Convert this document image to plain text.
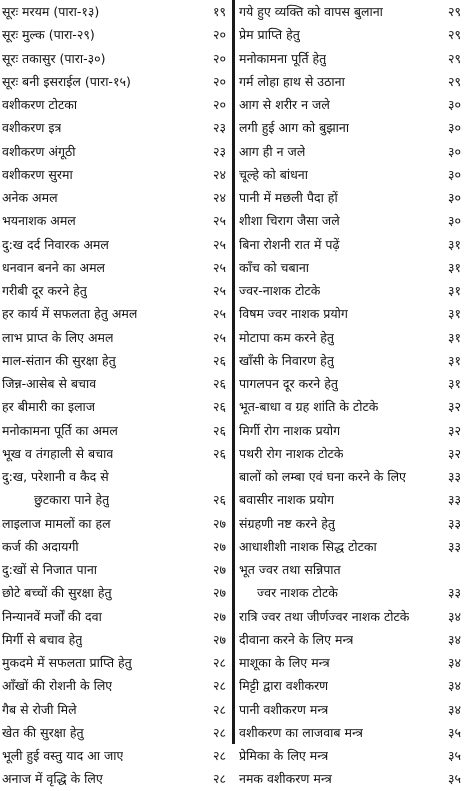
सूरः मरयम (पारा-१३)	१९
सूरः मुल्क (पारा-२९)	२०
सूरः तकासुर (पारा-३०)	२०
सूरः बनी इसराईल (पारा-१५)	२०
वशीकरण टोटका	२०
वशीकरण इत्र	२३
वशीकरण अंगूठी	२३
वशीकरण सुरमा	२४
अनेक अमल	२४
भयनाशक अमल	२५
दु:ख दर्द निवारक अमल	२५
धनवान बनने का अमल	२५
गरीबी दूर करने हेतु	२५
हर कार्य में सफलता हेतु अमल	२५
लाभ प्राप्त के लिए अमल	२५
माल-संतान की सुरक्षा हेतु	२६
जिन्न-आसेब से बचाव	२६
हर बीमारी का इलाज	२६
मनोकामना पूर्ति का अमल	२६
भूख व तंगहाली से बचाव	२६
दु:ख, परेशानी व कैद से
छुटकारा पाने हेतु	२६
लाइलाज मामलों का हल	२७
कर्ज की अदायगी	२७
दु:खों से निजात पाना	२७
छोटे बच्चों की सुरक्षा हेतु	२७
निन्यानवें मर्जों की दवा	२७
मिर्गी से बचाव हेतु	२७
मुकदमे में सफलता प्राप्ति हेतु	२८
आँखों की रोशनी के लिए	२८
गैब से रोजी मिले	२८
खेत की सुरक्षा हेतु	२८
भूली हुई वस्तु याद आ जाए	२८
अनाज में वृद्धि के लिए	२८
गये हुए व्यक्ति को वापस बुलाना	२९
प्रेम प्राप्ति हेतु	२९
मनोकामना पूर्ति हेतु	२९
गर्म लोहा हाथ से उठाना	२९
आग से शरीर न जले	३०
लगी हुई आग को बुझाना	३०
आग ही न जले	३०
चूल्हे को बांधना	३०
पानी में मछली पैदा हों	३०
शीशा चिराग जैसा जले	३०
बिना रोशनी रात में पढ़ें	३१
काँच को चबाना	३१
ज्वर-नाशक टोटके	३१
विषम ज्वर नाशक प्रयोग	३१
मोटापा कम करने हेतु	३१
खाँसी के निवारण हेतु	३१
पागलपन दूर करने हेतु	३१
भूत-बाधा व ग्रह शांति के टोटके	३२
मिर्गी रोग नाशक प्रयोग	३२
पथरी रोग नाशक टोटके	३२
बालों को लम्बा एवं घना करने के लिए	३३
बवासीर नाशक प्रयोग	३३
संग्रहणी नष्ट करने हेतु	३३
आधाशीशी नाशक सिद्ध टोटका	३३
भूत ज्वर तथा सन्निपात
ज्वर नाशक टोटके	३३
रात्रि ज्वर तथा जीर्णज्वर नाशक टोटके	३४
दीवाना करने के लिए मन्त्र	३४
माशूका के लिए मन्त्र	३४
मिट्टी द्वारा वशीकरण	३४
पानी वशीकरण मन्त्र	३४
वशीकरण का लाजवाब मन्त्र	३५
प्रेमिका के लिए मन्त्र	३५
नमक वशीकरण मन्त्र	३५
